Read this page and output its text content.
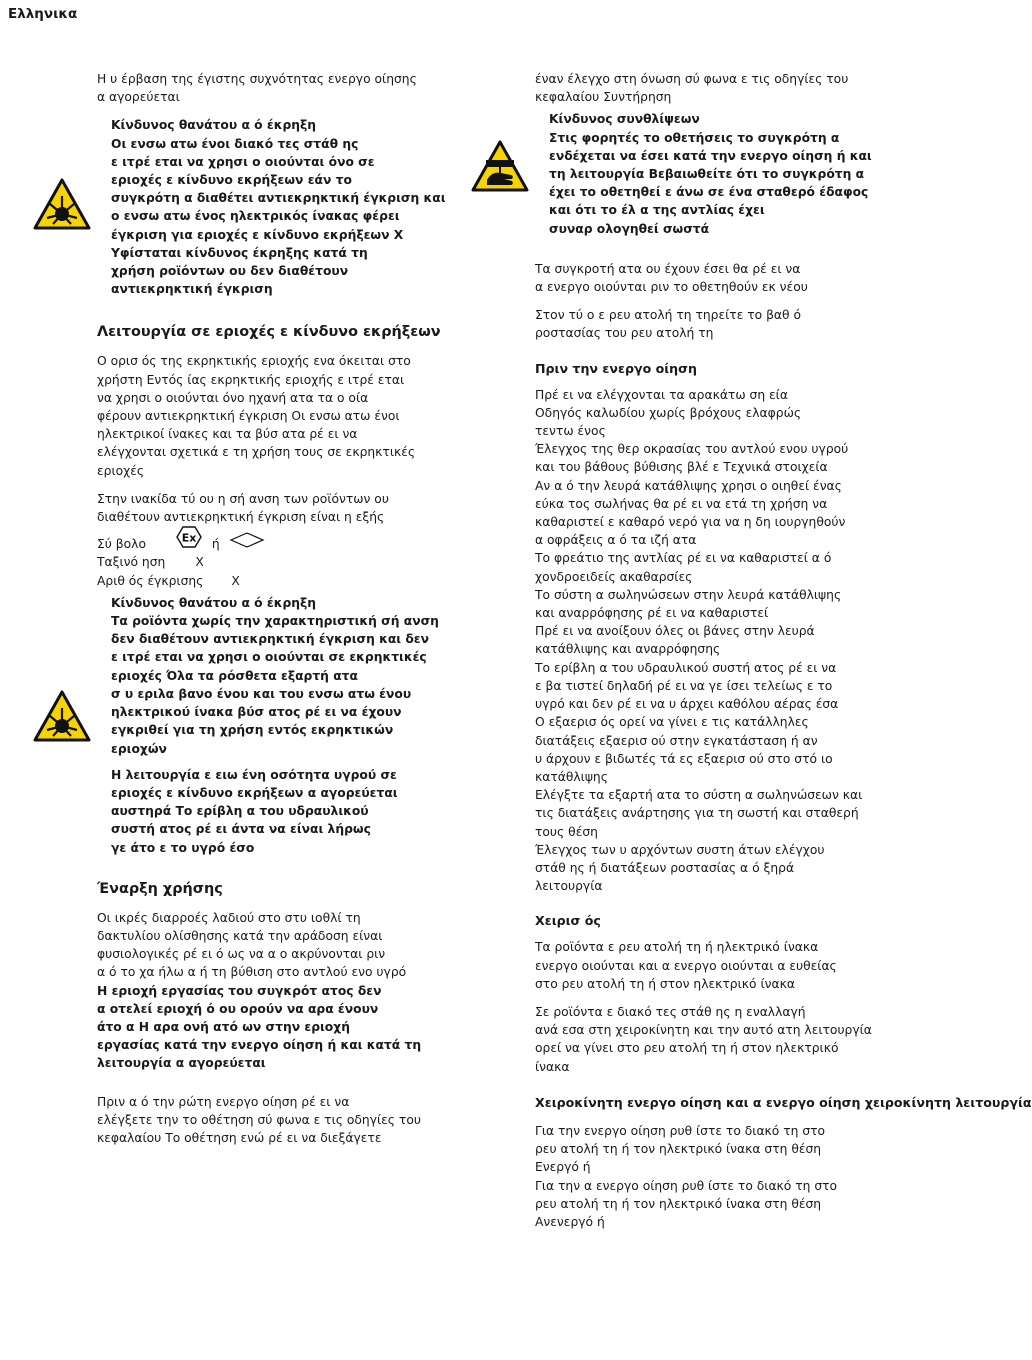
Ελληνικα
Η υ έρβαση της έγιστης συχνότητας ενεργο οίησης
α αγορεύεται
Κίνδυνος θανάτου α ό έκρηξη
Οι ενσω ατω ένοι διακό τες στάθ ης
ε ιτρέ εται να χρησι ο οιούνται όνο σε
εριοχές ε κίνδυνο εκρήξεων εάν το
συγκρότη α διαθέτει αντιεκρηκτική έγκριση και
ο ενσω ατω ένος ηλεκτρικός ίνακας φέρει
έγκριση για εριοχές ε κίνδυνο εκρήξεων Χ
Υφίσταται κίνδυνος έκρηξης κατά τη
χρήση ροϊόντων ου δεν διαθέτουν
αντιεκρηκτική έγκριση
Λειτουργία σε εριοχές ε κίνδυνο εκρήξεων
Ο ορισ ός της εκρηκτικής εριοχής ενα όκειται στο
χρήστη Εντός ίας εκρηκτικής εριοχής ε ιτρέ εται
να χρησι ο οιούνται όνο ηχανή ατα τα ο οία
φέρουν αντιεκρηκτική έγκριση Οι ενσω ατω ένοι
ηλεκτρικοί ίνακες και τα βύσ ατα ρέ ει να
ελέγχονται σχετικά ε τη χρήση τους σε εκρηκτικές
εριοχές
Στην ινακίδα τύ ου η σή ανση των ροϊόντων ου
διαθέτουν αντιεκρηκτική έγκριση είναι η εξής
Σύ βολο	Ex ή
Ταξινό ηση Χ
Αριθ ός έγκρισης Χ
Κίνδυνος θανάτου α ό έκρηξη
Τα ροϊόντα χωρίς την χαρακτηριστική σή ανση
δεν διαθέτουν αντιεκρηκτική έγκριση και δεν
ε ιτρέ εται να χρησι ο οιούνται σε εκρηκτικές
εριοχές Όλα τα ρόσθετα εξαρτή ατα
σ υ εριλα βανο ένου και του ενσω ατω ένου
ηλεκτρικού ίνακα βύσ ατος ρέ ει να έχουν
εγκριθεί για τη χρήση εντός εκρηκτικών
εριοχών
Η λειτουργία ε ειω ένη οσότητα υγρού σε
εριοχές ε κίνδυνο εκρήξεων α αγορεύεται
αυστηρά Το ερίβλη α του υδραυλικού
συστή ατος ρέ ει άντα να είναι λήρως
γε άτο ε το υγρό έσο
Έναρξη χρήσης
Οι ικρές διαρροές λαδιού στο στυ ιοθλί τη
δακτυλίου ολίσθησης κατά την αράδοση είναι
φυσιολογικές ρέ ει ό ως να α ο ακρύνονται ριν
α ό το χα ήλω α ή τη βύθιση στο αντλού ενο υγρό
Η εριοχή εργασίας του συγκρότ ατος δεν
α οτελεί εριοχή ό ου ορούν να αρα ένουν
άτο α Η αρα ονή ατό ων στην εριοχή
εργασίας κατά την ενεργο οίηση ή και κατά τη
λειτουργία α αγορεύεται
Πριν α ό την ρώτη ενεργο οίηση ρέ ει να
ελέγξετε την το οθέτηση σύ φωνα ε τις οδηγίες του
κεφαλαίου Το οθέτηση ενώ ρέ ει να διεξάγετε
έναν έλεγχο στη όνωση σύ φωνα ε τις οδηγίες του
κεφαλαίου Συντήρηση
Κίνδυνος συνθλίψεων
Στις φορητές το οθετήσεις το συγκρότη α
ενδέχεται να έσει κατά την ενεργο οίηση ή και
τη λειτουργία Βεβαιωθείτε ότι το συγκρότη α
έχει το οθετηθεί ε άνω σε ένα σταθερό έδαφος
και ότι το έλ α της αντλίας έχει
συναρ ολογηθεί σωστά
Τα συγκροτή ατα ου έχουν έσει θα ρέ ει να
α ενεργο οιούνται ριν το οθετηθούν εκ νέου
Στον τύ ο ε ρευ ατολή τη τηρείτε το βαθ ό
ροστασίας του ρευ ατολή τη
Πριν την ενεργο οίηση
Πρέ ει να ελέγχονται τα αρακάτω ση εία
Οδηγός καλωδίου χωρίς βρόχους ελαφρώς
τεντω ένος
Έλεγχος της θερ οκρασίας του αντλού ενου υγρού
και του βάθους βύθισης βλέ ε Τεχνικά στοιχεία
Αν α ό την λευρά κατάθλιψης χρησι ο οιηθεί ένας
εύκα τος σωλήνας θα ρέ ει να ετά τη χρήση να
καθαριστεί ε καθαρό νερό για να η δη ιουργηθούν
α οφράξεις α ό τα ιζή ατα
Το φρεάτιο της αντλίας ρέ ει να καθαριστεί α ό
χονδροειδείς ακαθαρσίες
Το σύστη α σωληνώσεων στην λευρά κατάθλιψης
και αναρρόφησης ρέ ει να καθαριστεί
Πρέ ει να ανοίξουν όλες οι βάνες στην λευρά
κατάθλιψης και αναρρόφησης
Το ερίβλη α του υδραυλικού συστή ατος ρέ ει να
ε βα τιστεί δηλαδή ρέ ει να γε ίσει τελείως ε το
υγρό και δεν ρέ ει να υ άρχει καθόλου αέρας έσα
Ο εξαερισ ός ορεί να γίνει ε τις κατάλληλες
διατάξεις εξαερισ ού στην εγκατάσταση ή αν
υ άρχουν ε βιδωτές τά ες εξαερισ ού στο στό ιο
κατάθλιψης
Ελέγξτε τα εξαρτή ατα το σύστη α σωληνώσεων και
τις διατάξεις ανάρτησης για τη σωστή και σταθερή
τους θέση
Έλεγχος των υ αρχόντων συστη άτων ελέγχου
στάθ ης ή διατάξεων ροστασίας α ό ξηρά
λειτουργία
Χειρισ ός
Τα ροϊόντα ε ρευ ατολή τη ή ηλεκτρικό ίνακα
ενεργο οιούνται και α ενεργο οιούνται α ευθείας
στο ρευ ατολή τη ή στον ηλεκτρικό ίνακα
Σε ροϊόντα ε διακό τες στάθ ης η εναλλαγή
ανά εσα στη χειροκίνητη και την αυτό ατη λειτουργία
ορεί να γίνει στο ρευ ατολή τη ή στον ηλεκτρικό
ίνακα
Χειροκίνητη ενεργο οίηση και α ενεργο οίηση χειροκίνητη λειτουργία
Για την ενεργο οίηση ρυθ ίστε το διακό τη στο
ρευ ατολή τη ή τον ηλεκτρικό ίνακα στη θέση
Ενεργό ή
Για την α ενεργο οίηση ρυθ ίστε το διακό τη στο
ρευ ατολή τη ή τον ηλεκτρικό ίνακα στη θέση
Ανενεργό ή
